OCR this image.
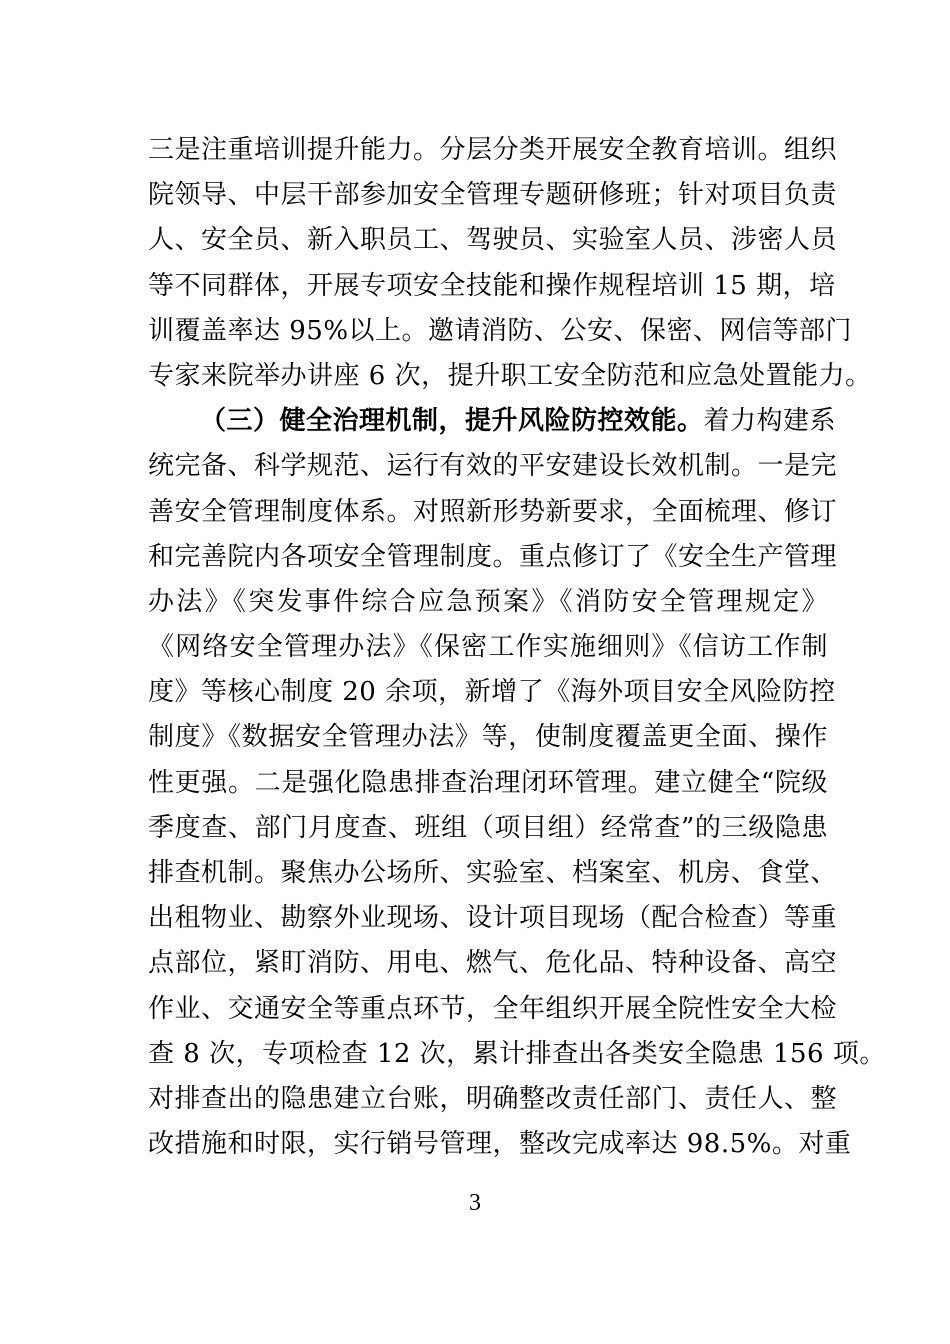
三是注重培训提升能力。分层分类开展安全教育培训。组织
院领导、中层干部参加安全管理专题研修班；针对项目负责
人、安全员、新入职员工、驾驶员、实验室人员、涉密人员
等不同群体，开展专项安全技能和操作规程培训 15 期，培
训覆盖率达 95%以上。邀请消防、公安、保密、网信等部门
专家来院举办讲座 6 次，提升职工安全防范和应急处置能力。
（三）健全治理机制，提升风险防控效能。着力构建系
统完备、科学规范、运行有效的平安建设长效机制。一是完
善安全管理制度体系。对照新形势新要求，全面梳理、修订
和完善院内各项安全管理制度。重点修订了《安全生产管理
办法》《突发事件综合应急预案》《消防安全管理规定》
《网络安全管理办法》《保密工作实施细则》《信访工作制
度》等核心制度 20 余项，新增了《海外项目安全风险防控
制度》《数据安全管理办法》等，使制度覆盖更全面、操作
性更强。二是强化隐患排查治理闭环管理。建立健全“院级
季度查、部门月度查、班组（项目组）经常查”的三级隐患
排查机制。聚焦办公场所、实验室、档案室、机房、食堂、
出租物业、勘察外业现场、设计项目现场（配合检查）等重
点部位，紧盯消防、用电、燃气、危化品、特种设备、高空
作业、交通安全等重点环节，全年组织开展全院性安全大检
查 8 次，专项检查 12 次，累计排查出各类安全隐患 156 项。
对排查出的隐患建立台账，明确整改责任部门、责任人、整
改措施和时限，实行销号管理，整改完成率达 98.5%。对重
3
